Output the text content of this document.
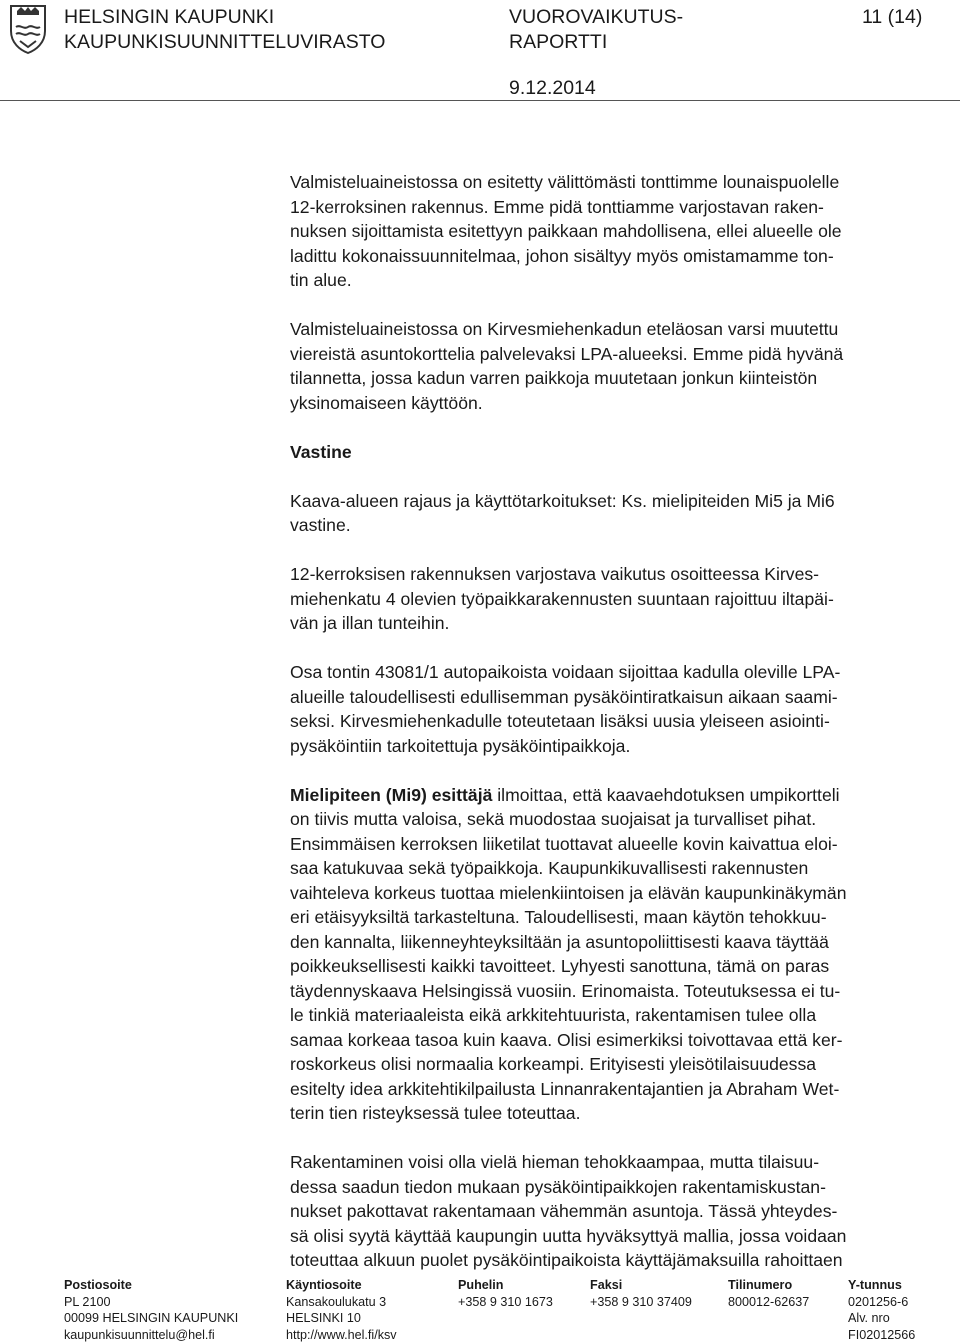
HELSINGIN KAUPUNKI
KAUPUNKISUUNNITTELUVIRASTO
VUOROVAIKUTUS-
RAPORTTI
11 (14)
9.12.2014

Valmisteluaineistossa on esitetty välittömästi tonttimme lounaispuolelle
12-kerroksinen rakennus. Emme pidä tonttiamme varjostavan raken-
nuksen sijoittamista esitettyyn paikkaan mahdollisena, ellei alueelle ole
ladittu kokonaissuunnitelmaa, johon sisältyy myös omistamamme ton-
tin alue.

Valmisteluaineistossa on Kirvesmiehenkadun eteläosan varsi muutettu
viereistä asuntokorttelia palvelevaksi LPA-alueeksi. Emme pidä hyvänä
tilannetta, jossa kadun varren paikkoja muutetaan jonkun kiinteistön
yksinomaiseen käyttöön.

Vastine

Kaava-alueen rajaus ja käyttötarkoitukset: Ks. mielipiteiden Mi5 ja Mi6
vastine.

12-kerroksisen rakennuksen varjostava vaikutus osoitteessa Kirves-
miehenkatu 4 olevien työpaikkarakennusten suuntaan rajoittuu iltapäi-
vän ja illan tunteihin.

Osa tontin 43081/1 autopaikoista voidaan sijoittaa kadulla oleville LPA-
alueille taloudellisesti edullisemman pysäköintiratkaisun aikaan saami-
seksi. Kirvesmiehenkadulle toteutetaan lisäksi uusia yleiseen asiointi-
pysäköintiin tarkoitettuja pysäköintipaikkoja.

Mielipiteen (Mi9) esittäjä ilmoittaa, että kaavaehdotuksen umpikortteli
on tiivis mutta valoisa, sekä muodostaa suojaisat ja turvalliset pihat.
Ensimmäisen kerroksen liiketilat tuottavat alueelle kovin kaivattua eloi-
saa katukuvaa sekä työpaikkoja. Kaupunkikuvallisesti rakennusten
vaihteleva korkeus tuottaa mielenkiintoisen ja elävän kaupunkinäkymän
eri etäisyyksiltä tarkasteltuna. Taloudellisesti, maan käytön tehokkuu-
den kannalta, liikenneyhteyksiltään ja asuntopoliittisesti kaava täyttää
poikkeuksellisesti kaikki tavoitteet. Lyhyesti sanottuna, tämä on paras
täydennyskaava Helsingissä vuosiin. Erinomaista. Toteutuksessa ei tu-
le tinkiä materiaaleista eikä arkkitehtuurista, rakentamisen tulee olla
samaa korkeaa tasoa kuin kaava. Olisi esimerkiksi toivottavaa että ker-
roskorkeus olisi normaalia korkeampi. Erityisesti yleisötilaisuudessa
esitelty idea arkkitehtikilpailusta Linnanrakentajantien ja Abraham Wet-
terin tien risteyksessä tulee toteuttaa.

Rakentaminen voisi olla vielä hieman tehokkaampaa, mutta tilaisuu-
dessa saadun tiedon mukaan pysäköintipaikkojen rakentamiskustan-
nukset pakottavat rakentamaan vähemmän asuntoja. Tässä yhteydes-
sä olisi syytä käyttää kaupungin uutta hyväksyttyä mallia, jossa voidaan
toteuttaa alkuun puolet pysäköintipaikoista käyttäjämaksuilla rahoittaen

Postiosoite
PL 2100
00099 HELSINGIN KAUPUNKI
kaupunkisuunnittelu@hel.fi
Käyntiosoite
Kansakoulukatu 3
HELSINKI 10
http://www.hel.fi/ksv
Puhelin
+358 9 310 1673
Faksi
+358 9 310 37409
Tilinumero
800012-62637
Y-tunnus
0201256-6
Alv. nro
FI02012566
